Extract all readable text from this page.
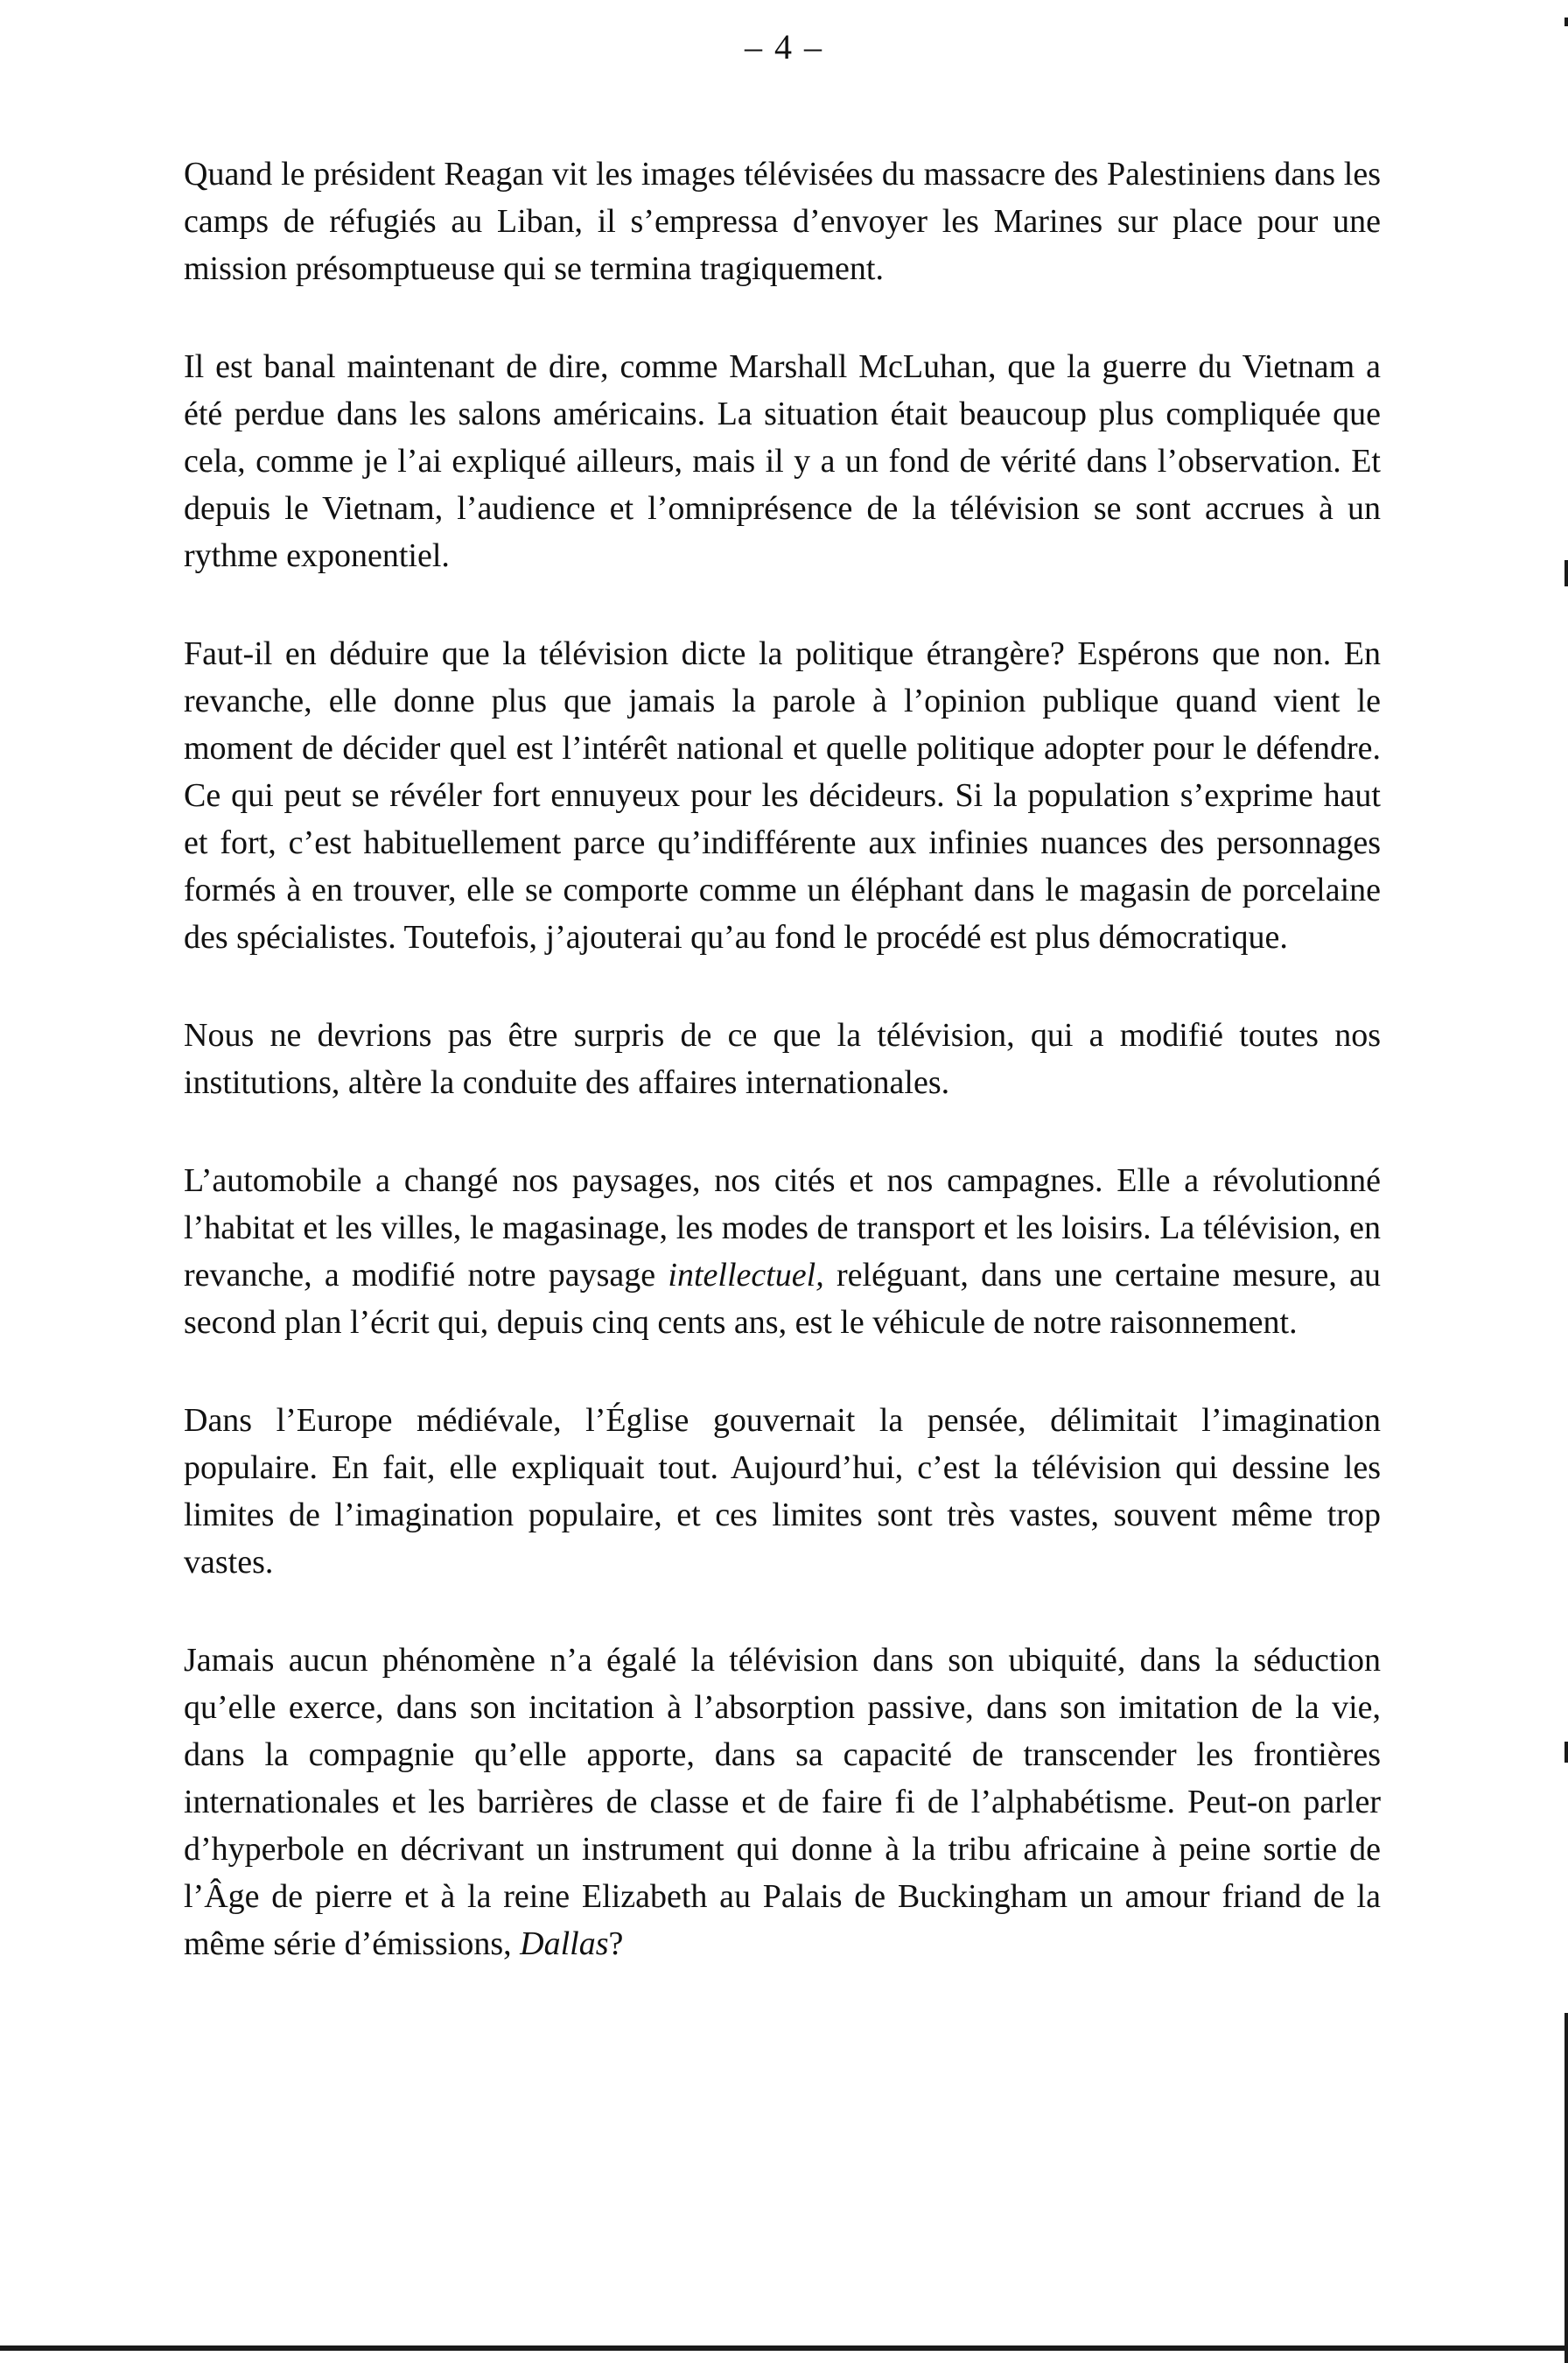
– 4 –

Quand le président Reagan vit les images télévisées du massacre des Palestiniens dans les camps de réfugiés au Liban, il s’empressa d’envoyer les Marines sur place pour une mission présomptueuse qui se termina tragiquement.

Il est banal maintenant de dire, comme Marshall McLuhan, que la guerre du Vietnam a été perdue dans les salons américains. La situation était beaucoup plus compliquée que cela, comme je l’ai expliqué ailleurs, mais il y a un fond de vérité dans l’observation. Et depuis le Vietnam, l’audience et l’omniprésence de la télévision se sont accrues à un rythme exponentiel.

Faut-il en déduire que la télévision dicte la politique étrangère? Espérons que non. En revanche, elle donne plus que jamais la parole à l’opinion publique quand vient le moment de décider quel est l’intérêt national et quelle politique adopter pour le défendre. Ce qui peut se révéler fort ennuyeux pour les décideurs. Si la population s’exprime haut et fort, c’est habituellement parce qu’indifférente aux infinies nuances des personnages formés à en trouver, elle se comporte comme un éléphant dans le magasin de porcelaine des spécialistes. Toutefois, j’ajouterai qu’au fond le procédé est plus démocratique.

Nous ne devrions pas être surpris de ce que la télévision, qui a modifié toutes nos institutions, altère la conduite des affaires internationales.

L’automobile a changé nos paysages, nos cités et nos campagnes. Elle a révolutionné l’habitat et les villes, le magasinage, les modes de transport et les loisirs. La télévision, en revanche, a modifié notre paysage intellectuel, reléguant, dans une certaine mesure, au second plan l’écrit qui, depuis cinq cents ans, est le véhicule de notre raisonnement.

Dans l’Europe médiévale, l’Église gouvernait la pensée, délimitait l’imagination populaire. En fait, elle expliquait tout. Aujourd’hui, c’est la télévision qui dessine les limites de l’imagination populaire, et ces limites sont très vastes, souvent même trop vastes.

Jamais aucun phénomène n’a égalé la télévision dans son ubiquité, dans la séduction qu’elle exerce, dans son incitation à l’absorption passive, dans son imitation de la vie, dans la compagnie qu’elle apporte, dans sa capacité de transcender les frontières internationales et les barrières de classe et de faire fi de l’alphabétisme. Peut-on parler d’hyperbole en décrivant un instrument qui donne à la tribu africaine à peine sortie de l’Âge de pierre et à la reine Elizabeth au Palais de Buckingham un amour friand de la même série d’émissions, Dallas?
